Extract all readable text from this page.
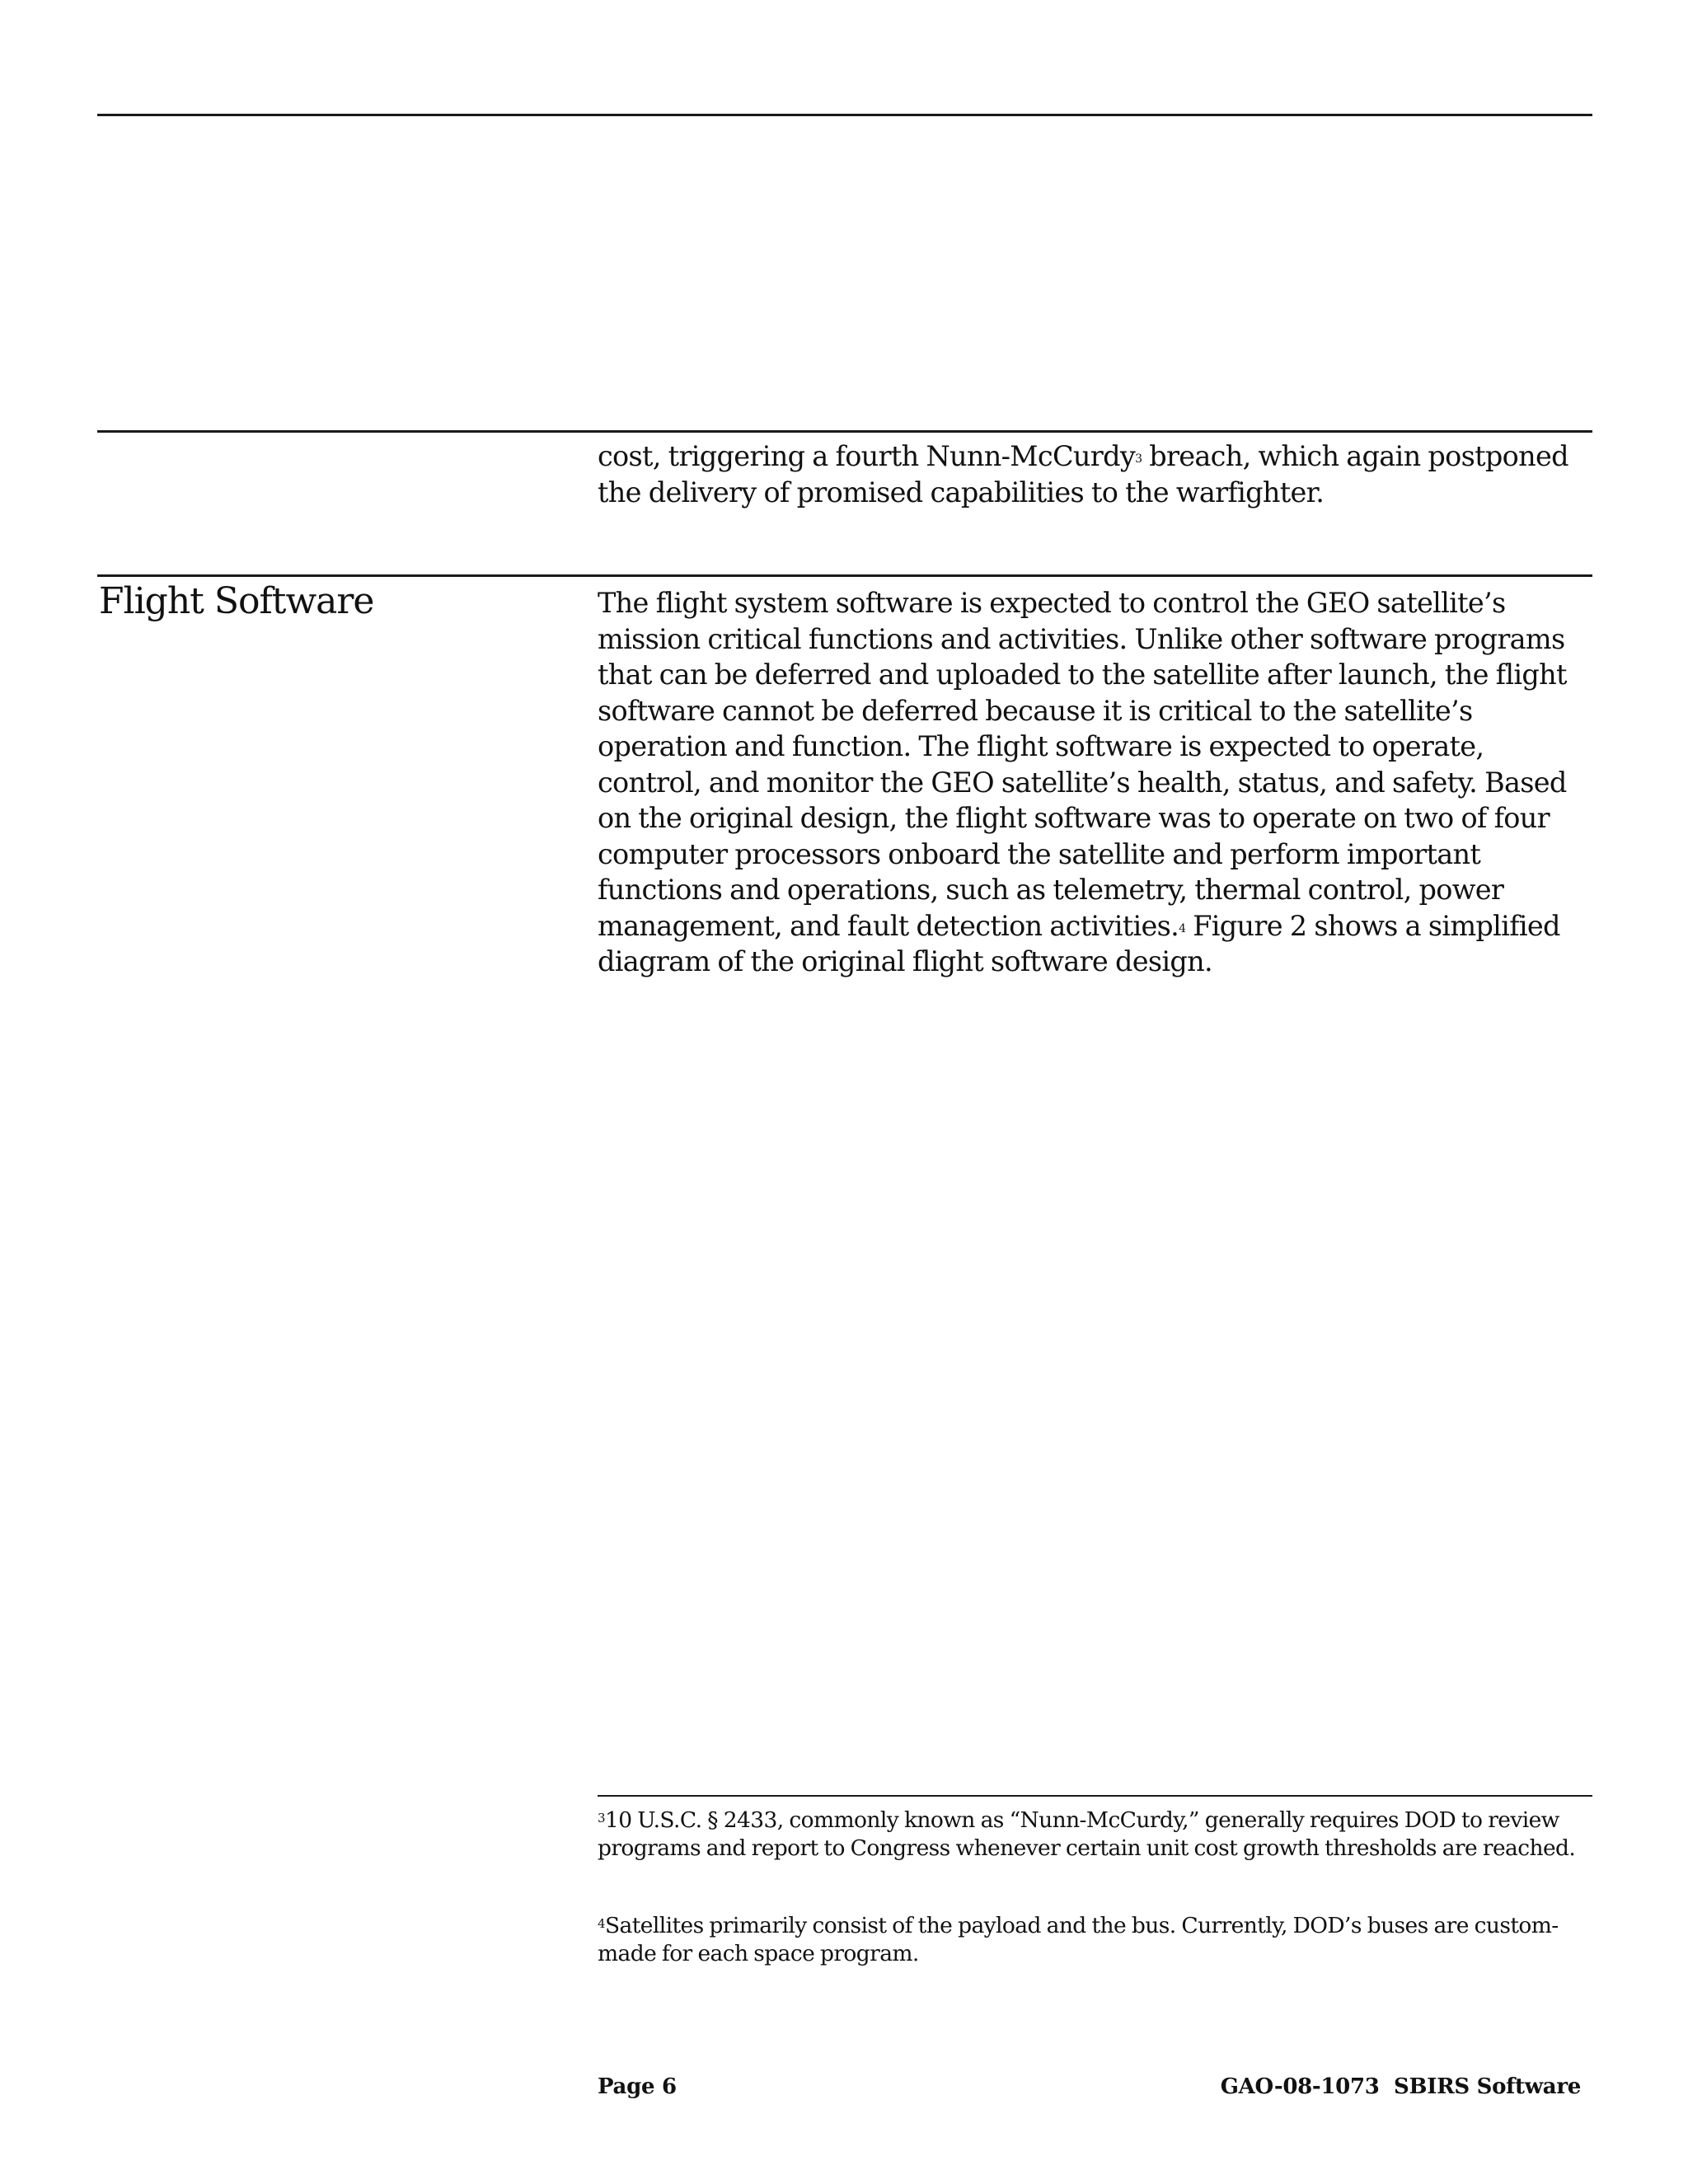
cost, triggering a fourth Nunn-McCurdy$^3$ breach, which again postponed the delivery of promised capabilities to the warfighter.

Flight Software	The flight system software is expected to control the GEO satellite’s mission critical functions and activities. Unlike other software programs that can be deferred and uploaded to the satellite after launch, the flight software cannot be deferred because it is critical to the satellite’s operation and function. The flight software is expected to operate, control, and monitor the GEO satellite’s health, status, and safety. Based on the original design, the flight software was to operate on two of four computer processors onboard the satellite and perform important functions and operations, such as telemetry, thermal control, power management, and fault detection activities.$^4$ Figure 2 shows a simplified diagram of the original flight software design.

$^3$10 U.S.C. § 2433, commonly known as “Nunn-McCurdy,” generally requires DOD to review programs and report to Congress whenever certain unit cost growth thresholds are reached.

$^4$Satellites primarily consist of the payload and the bus. Currently, DOD’s buses are custom-made for each space program.

Page 6	GAO-08-1073  SBIRS Software
